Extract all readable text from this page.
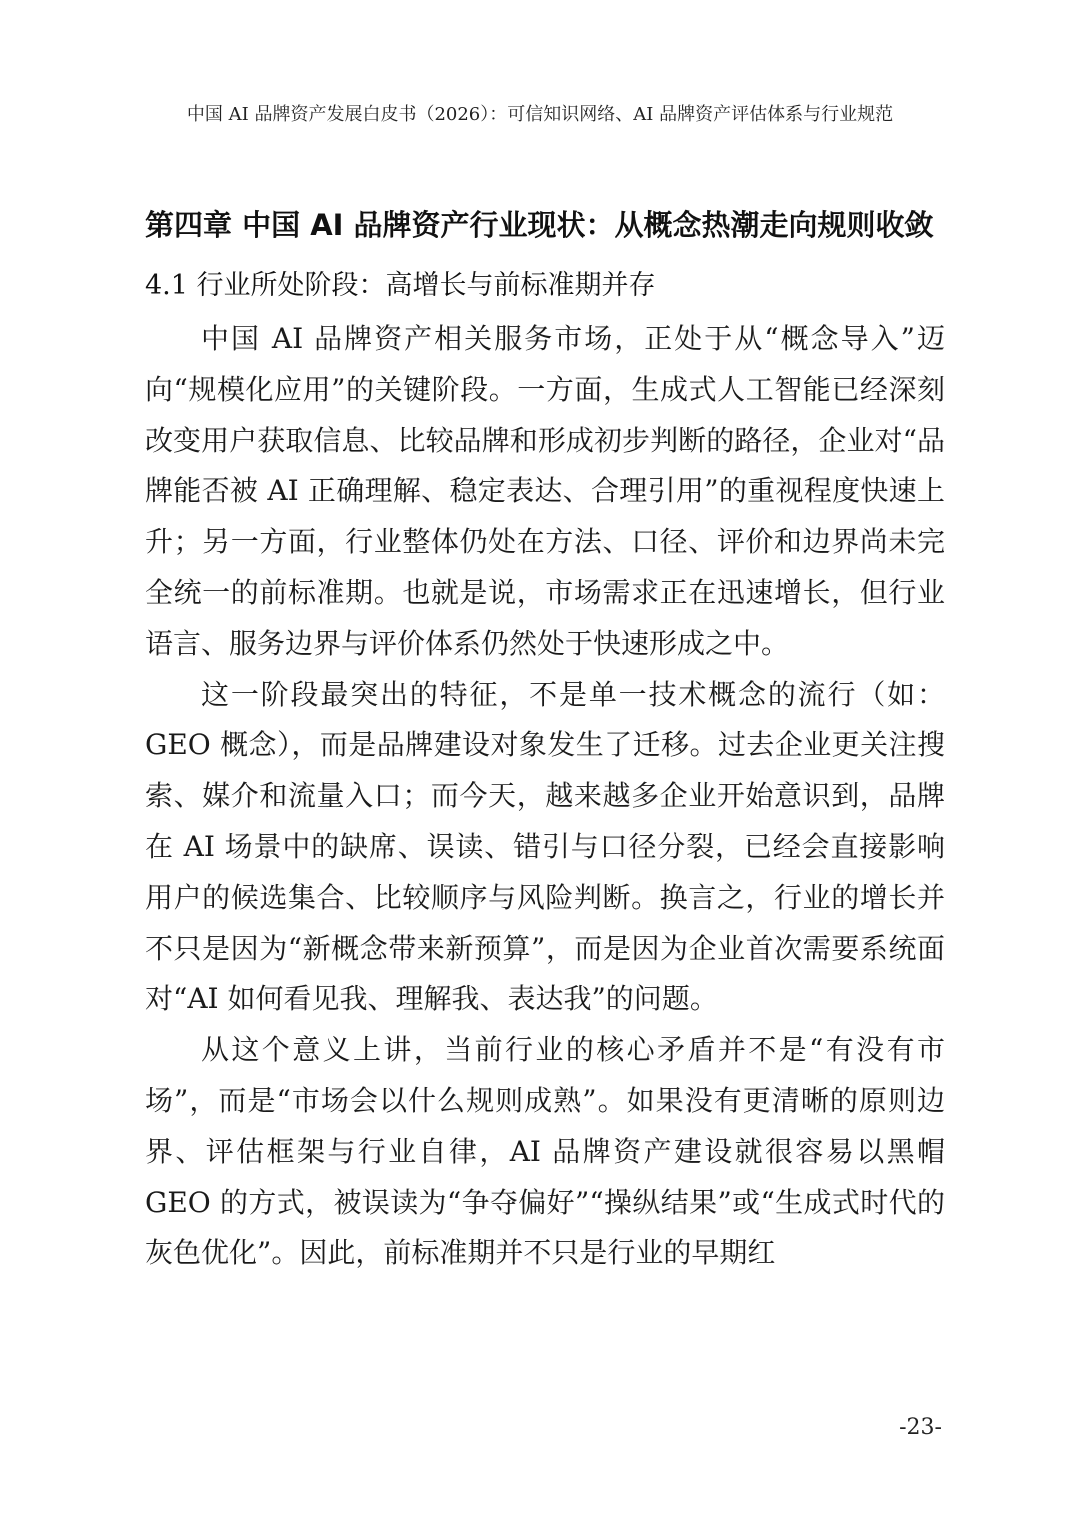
中国 AI 品牌资产发展白皮书（2026）：可信知识网络、AI 品牌资产评估体系与行业规范
第四章 中国 AI 品牌资产行业现状：从概念热潮走向规则收敛
4.1 行业所处阶段：高增长与前标准期并存

中国 AI 品牌资产相关服务市场，正处于从“概念导入”迈向“规模化应用”的关键阶段。一方面，生成式人工智能已经深刻改变用户获取信息、比较品牌和形成初步判断的路径，企业对“品牌能否被 AI 正确理解、稳定表达、合理引用”的重视程度快速上升；另一方面，行业整体仍处在方法、口径、评价和边界尚未完全统一的前标准期。也就是说，市场需求正在迅速增长，但行业语言、服务边界与评价体系仍然处于快速形成之中。

这一阶段最突出的特征，不是单一技术概念的流行（如：GEO 概念），而是品牌建设对象发生了迁移。过去企业更关注搜索、媒介和流量入口；而今天，越来越多企业开始意识到，品牌在 AI 场景中的缺席、误读、错引与口径分裂，已经会直接影响用户的候选集合、比较顺序与风险判断。换言之，行业的增长并不只是因为“新概念带来新预算”，而是因为企业首次需要系统面对“AI 如何看见我、理解我、表达我”的问题。

从这个意义上讲，当前行业的核心矛盾并不是“有没有市场”，而是“市场会以什么规则成熟”。如果没有更清晰的原则边界、评估框架与行业自律，AI 品牌资产建设就很容易以黑帽 GEO 的方式，被误读为“争夺偏好”“操纵结果”或“生成式时代的灰色优化”。因此，前标准期并不只是行业的早期红

-23-
